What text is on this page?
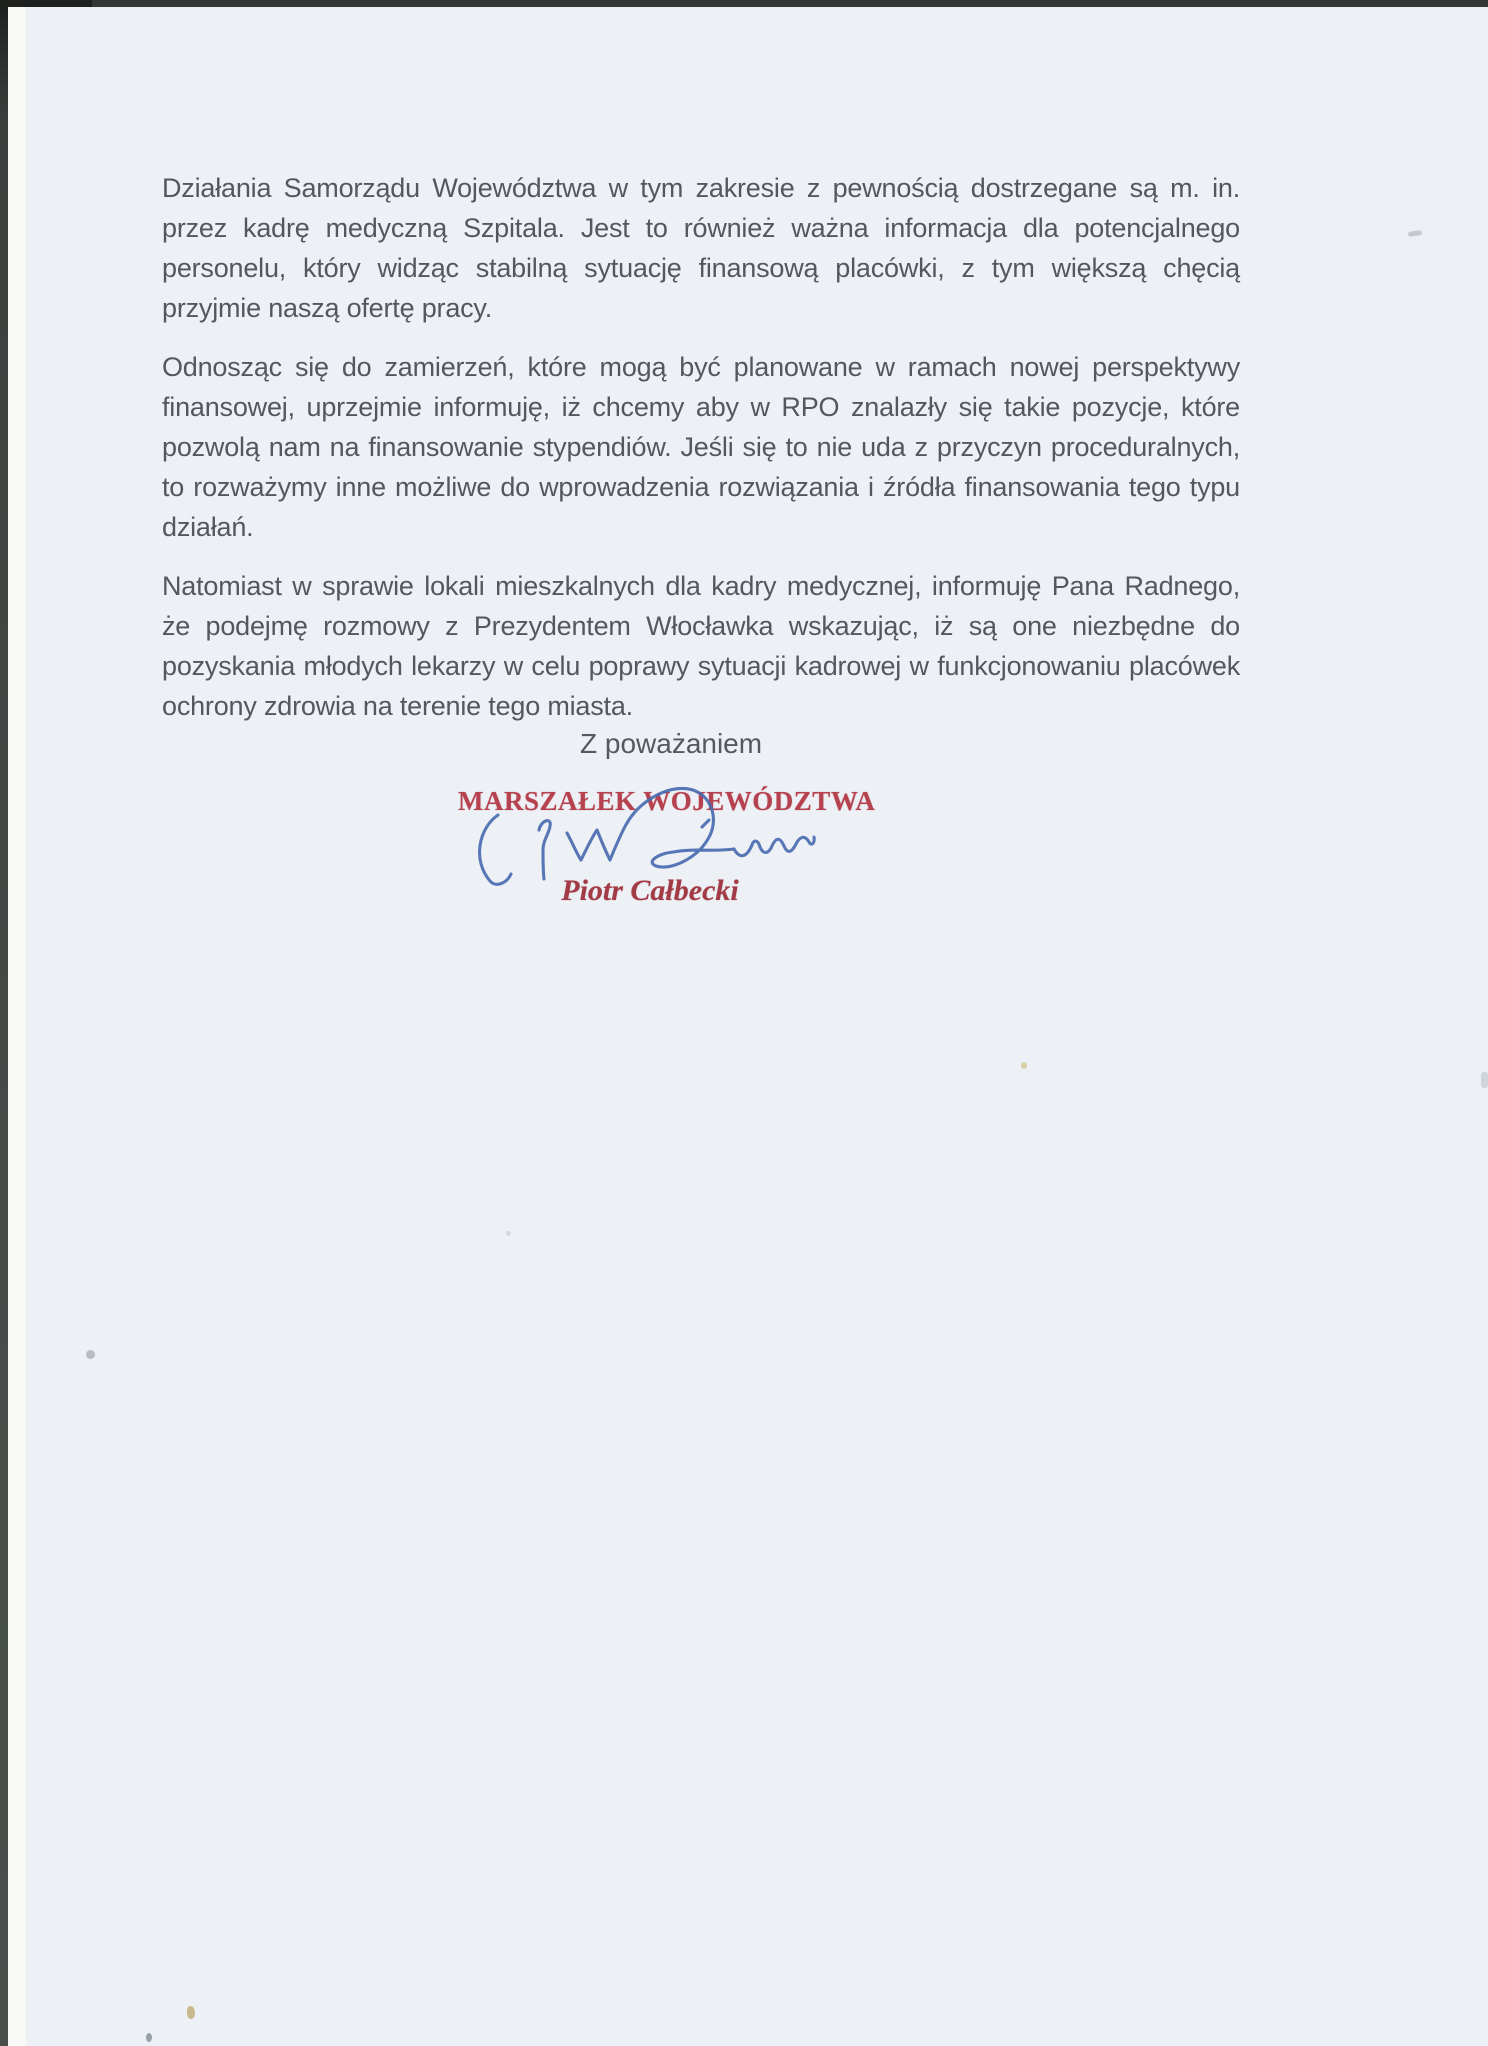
Działania Samorządu Województwa w tym zakresie z pewnością dostrzegane są m. in. przez kadrę medyczną Szpitala. Jest to również ważna informacja dla potencjalnego personelu, który widząc stabilną sytuację finansową placówki, z tym większą chęcią przyjmie naszą ofertę pracy.

Odnosząc się do zamierzeń, które mogą być planowane w ramach nowej perspektywy finansowej, uprzejmie informuję, iż chcemy aby w RPO znalazły się takie pozycje, które pozwolą nam na finansowanie stypendiów. Jeśli się to nie uda z przyczyn proceduralnych, to rozważymy inne możliwe do wprowadzenia rozwiązania i źródła finansowania tego typu działań.

Natomiast w sprawie lokali mieszkalnych dla kadry medycznej, informuję Pana Radnego, że podejmę rozmowy z Prezydentem Włocławka wskazując, iż są one niezbędne do pozyskania młodych lekarzy w celu poprawy sytuacji kadrowej w funkcjonowaniu placówek ochrony zdrowia na terenie tego miasta.

Z poważaniem
MARSZAŁEK WOJEWÓDZTWA
Piotr Całbecki
